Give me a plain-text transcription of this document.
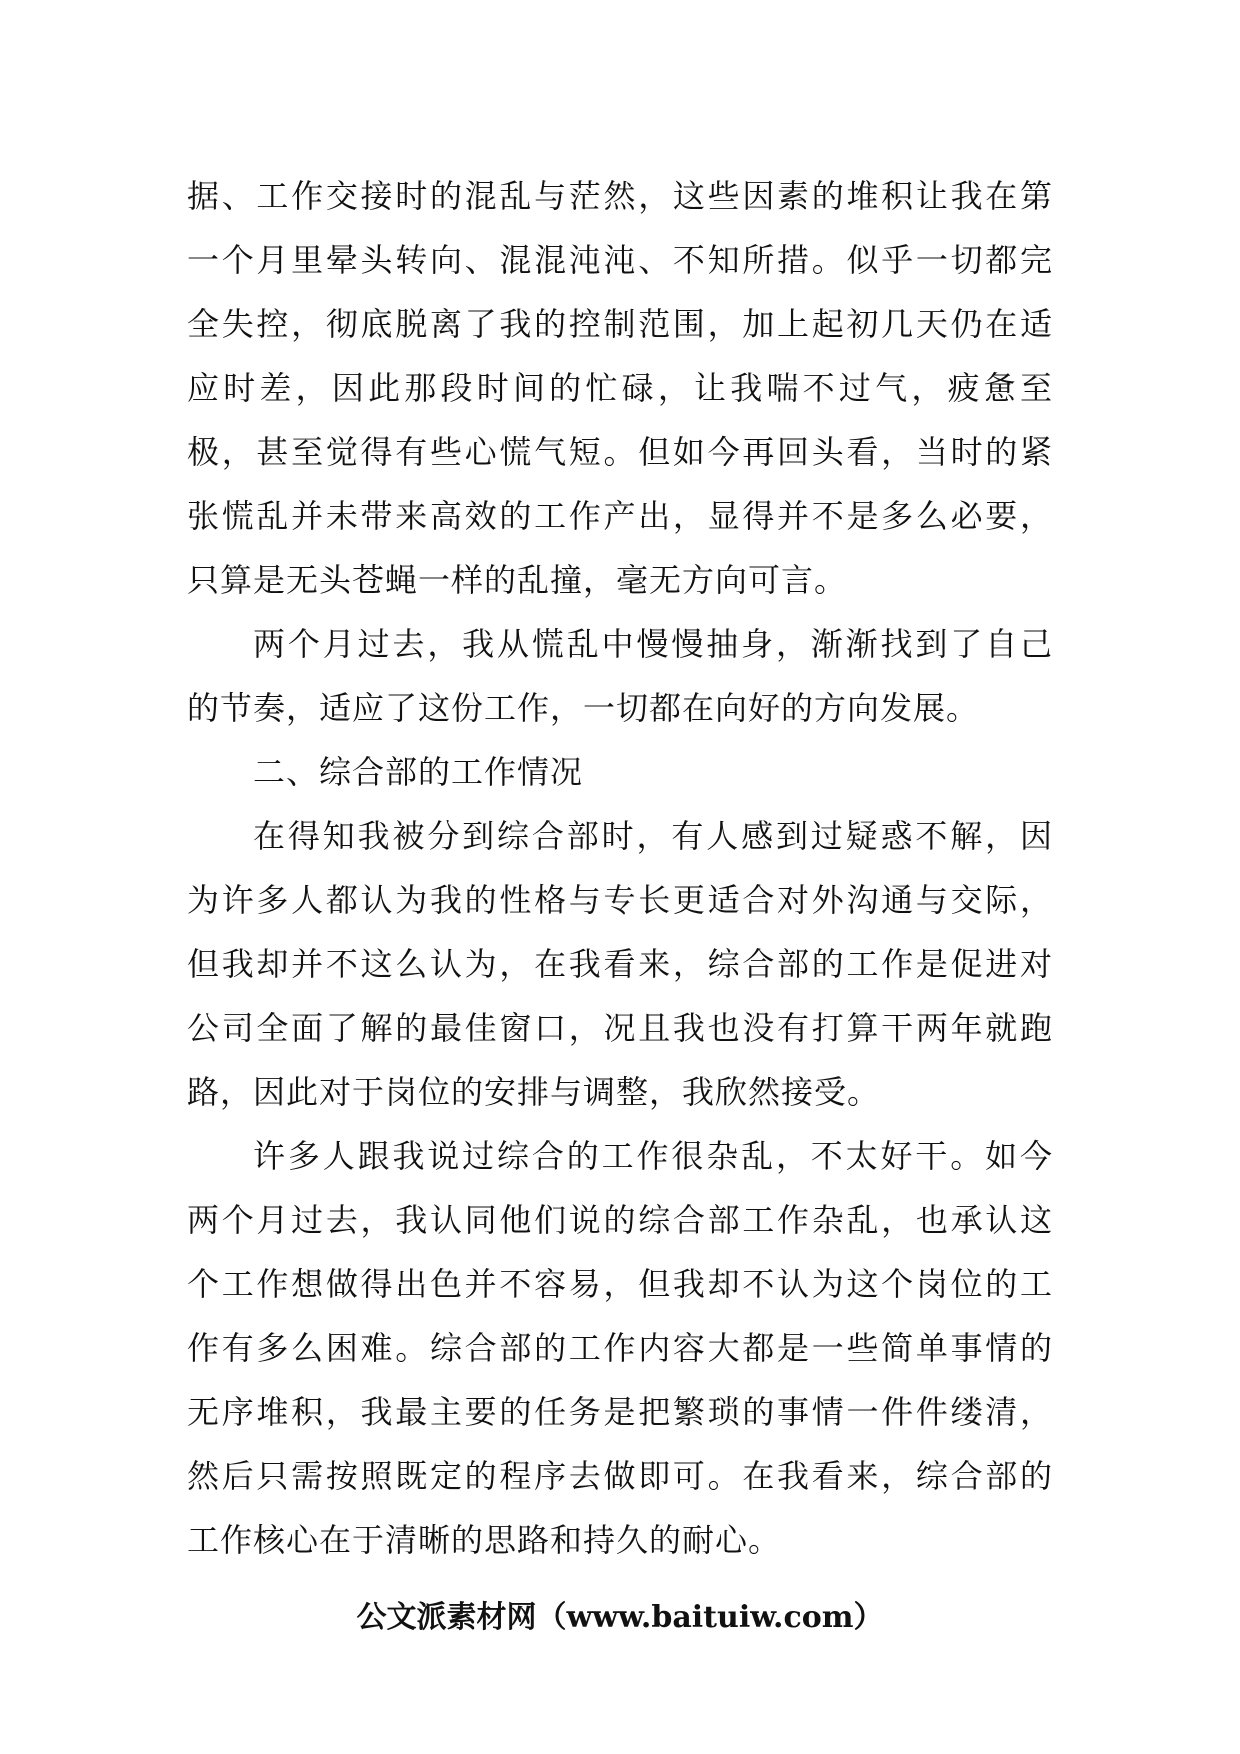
据、工作交接时的混乱与茫然，这些因素的堆积让我在第
一个月里晕头转向、混混沌沌、不知所措。似乎一切都完
全失控，彻底脱离了我的控制范围，加上起初几天仍在适
应时差，因此那段时间的忙碌，让我喘不过气，疲惫至
极，甚至觉得有些心慌气短。但如今再回头看，当时的紧
张慌乱并未带来高效的工作产出，显得并不是多么必要，
只算是无头苍蝇一样的乱撞，毫无方向可言。
两个月过去，我从慌乱中慢慢抽身，渐渐找到了自己
的节奏，适应了这份工作，一切都在向好的方向发展。
二、综合部的工作情况
在得知我被分到综合部时，有人感到过疑惑不解，因
为许多人都认为我的性格与专长更适合对外沟通与交际，
但我却并不这么认为，在我看来，综合部的工作是促进对
公司全面了解的最佳窗口，况且我也没有打算干两年就跑
路，因此对于岗位的安排与调整，我欣然接受。
许多人跟我说过综合的工作很杂乱，不太好干。如今
两个月过去，我认同他们说的综合部工作杂乱，也承认这
个工作想做得出色并不容易，但我却不认为这个岗位的工
作有多么困难。综合部的工作内容大都是一些简单事情的
无序堆积，我最主要的任务是把繁琐的事情一件件缕清，
然后只需按照既定的程序去做即可。在我看来，综合部的
工作核心在于清晰的思路和持久的耐心。
公文派素材网（www.baituiw.com）
